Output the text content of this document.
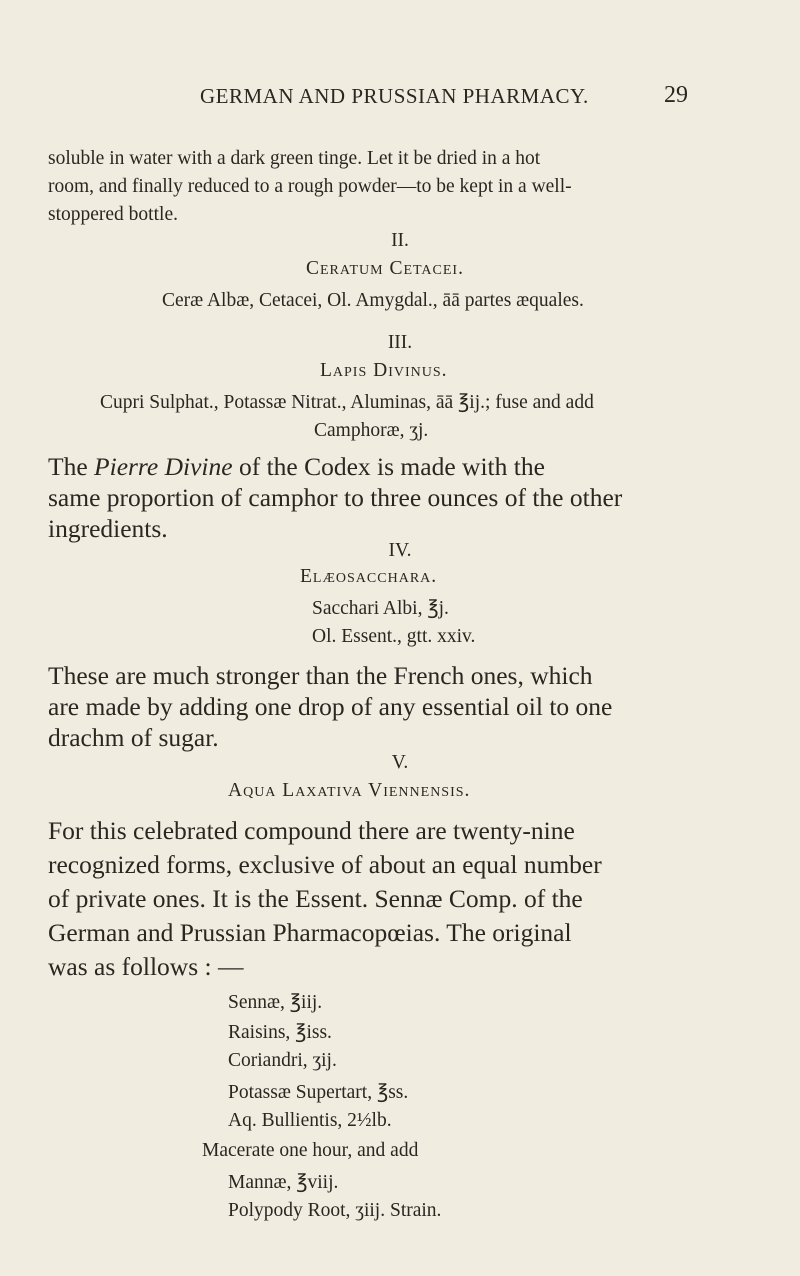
GERMAN AND PRUSSIAN PHARMACY.	29
soluble in water with a dark green tinge. Let it be dried in a hot
room, and finally reduced to a rough powder—to be kept in a well-
stoppered bottle.
II.
Ceratum Cetacei.
Ceræ Albæ, Cetacei, Ol. Amygdal., āā partes æquales.
III.
Lapis Divinus.
Cupri Sulphat., Potassæ Nitrat., Aluminas, āā ℥ij.; fuse and add
Camphoræ, ʒj.
The Pierre Divine of the Codex is made with the
same proportion of camphor to three ounces of the other
ingredients.
IV.
Elæosacchara.
Sacchari Albi, ℥j.
Ol. Essent., gtt. xxiv.
These are much stronger than the French ones, which
are made by adding one drop of any essential oil to one
drachm of sugar.
V.
Aqua Laxativa Viennensis.
For this celebrated compound there are twenty-nine
recognized forms, exclusive of about an equal number
of private ones. It is the Essent. Sennæ Comp. of the
German and Prussian Pharmacopœias. The original
was as follows : —
Sennæ, ℥iij.
Raisins, ℥iss.
Coriandri, ʒij.
Potassæ Supertart, ℥ss.
Aq. Bullientis, 2½lb.
Macerate one hour, and add
Mannæ, ℥viij.
Polypody Root, ʒiij. Strain.
